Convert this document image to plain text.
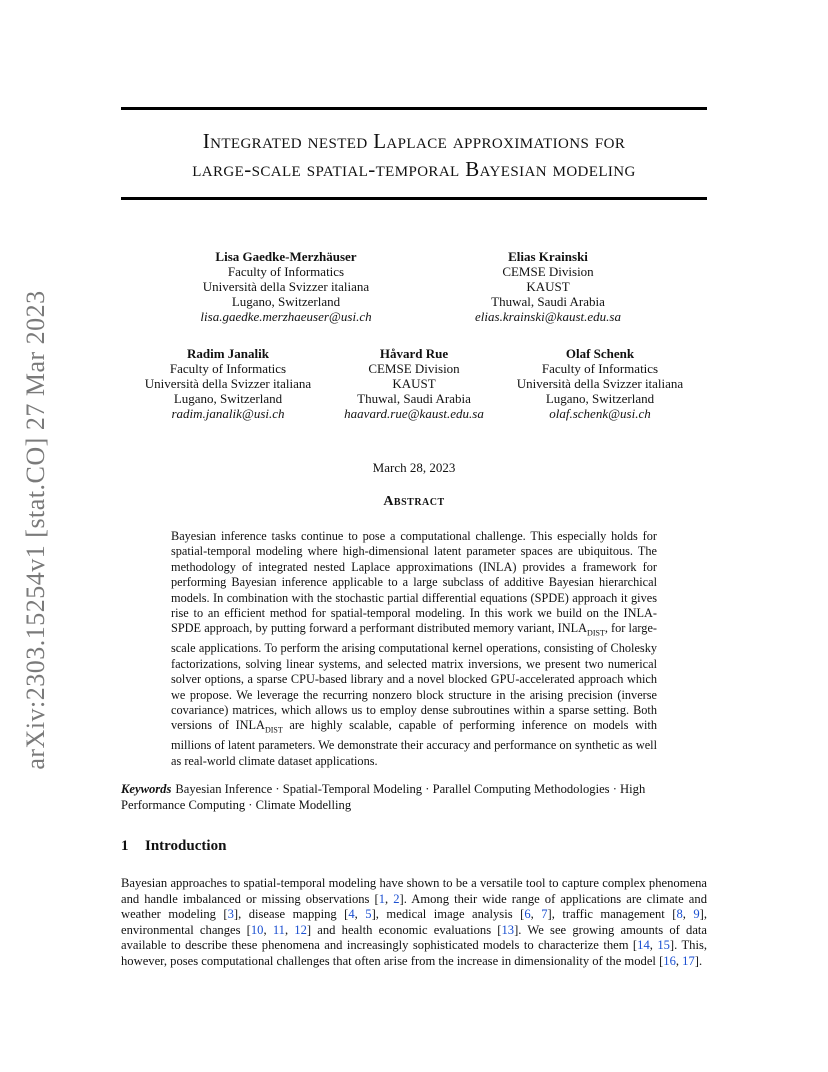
arXiv:2303.15254v1 [stat.CO] 27 Mar 2023
Integrated nested Laplace approximations for
large-scale spatial-temporal Bayesian modeling
Lisa Gaedke-Merzhäuser
Faculty of Informatics
Università della Svizzer italiana
Lugano, Switzerland
lisa.gaedke.merzhaeuser@usi.ch
Elias Krainski
CEMSE Division
KAUST
Thuwal, Saudi Arabia
elias.krainski@kaust.edu.sa
Radim Janalik
Faculty of Informatics
Università della Svizzer italiana
Lugano, Switzerland
radim.janalik@usi.ch
Håvard Rue
CEMSE Division
KAUST
Thuwal, Saudi Arabia
haavard.rue@kaust.edu.sa
Olaf Schenk
Faculty of Informatics
Università della Svizzer italiana
Lugano, Switzerland
olaf.schenk@usi.ch
March 28, 2023
Abstract

Bayesian inference tasks continue to pose a computational challenge. This especially holds for spatial-temporal modeling where high-dimensional latent parameter spaces are ubiquitous. The methodology of integrated nested Laplace approximations (INLA) provides a framework for performing Bayesian inference applicable to a large subclass of additive Bayesian hierarchical models. In combination with the stochastic partial differential equations (SPDE) approach it gives rise to an efficient method for spatial-temporal modeling. In this work we build on the INLA-SPDE approach, by putting forward a performant distributed memory variant, $INLA_{DIST}$, for large-scale applications. To perform the arising computational kernel operations, consisting of Cholesky factorizations, solving linear systems, and selected matrix inversions, we present two numerical solver options, a sparse CPU-based library and a novel blocked GPU-accelerated approach which we propose. We leverage the recurring nonzero block structure in the arising precision (inverse covariance) matrices, which allows us to employ dense subroutines within a sparse setting. Both versions of $INLA_{DIST}$ are highly scalable, capable of performing inference on models with millions of latent parameters. We demonstrate their accuracy and performance on synthetic as well as real-world climate dataset applications.

Keywords Bayesian Inference · Spatial-Temporal Modeling · Parallel Computing Methodologies · High Performance Computing · Climate Modelling

1 Introduction

Bayesian approaches to spatial-temporal modeling have shown to be a versatile tool to capture complex phenomena and handle imbalanced or missing observations [1, 2]. Among their wide range of applications are climate and weather modeling [3], disease mapping [4, 5], medical image analysis [6, 7], traffic management [8, 9], environmental changes [10, 11, 12] and health economic evaluations [13]. We see growing amounts of data available to describe these phenomena and increasingly sophisticated models to characterize them [14, 15]. This, however, poses computational challenges that often arise from the increase in dimensionality of the model [16, 17].
